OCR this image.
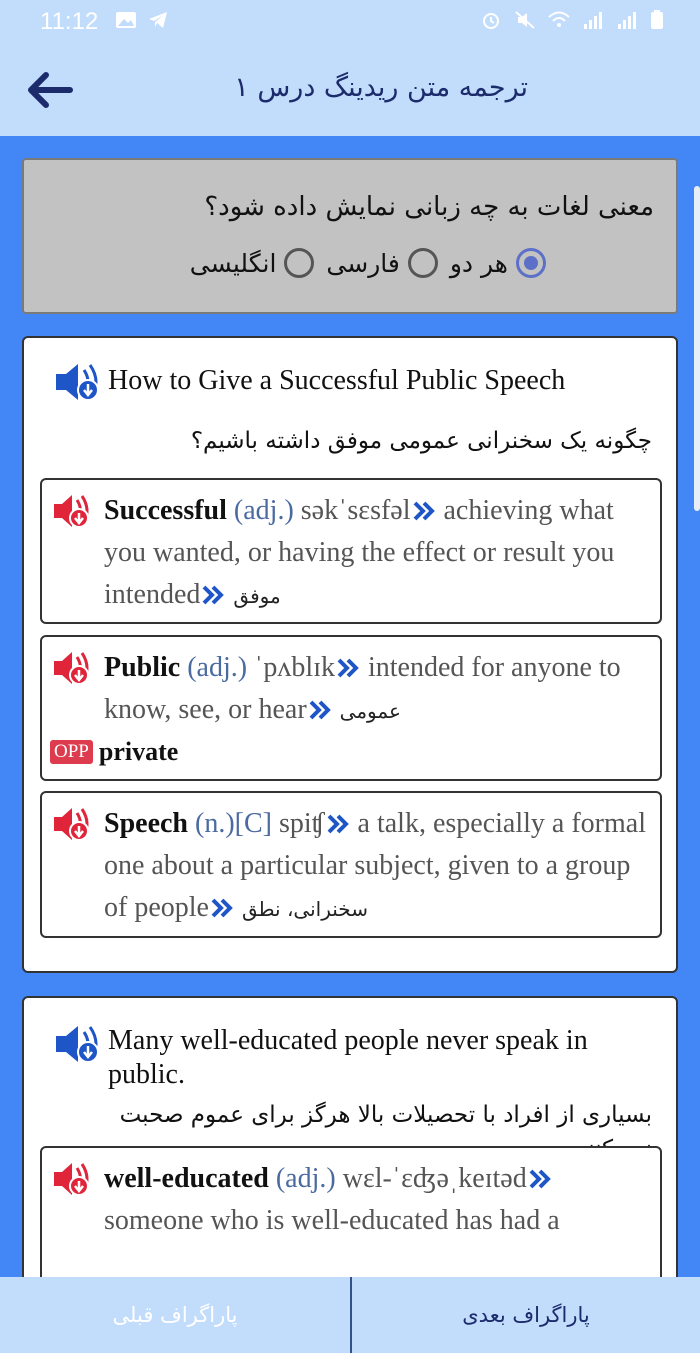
11:12
ترجمه متن ریدینگ درس ۱
معنی لغات به چه زبانی نمایش داده شود؟
انگلیسی فارسی هر دو
How to Give a Successful Public Speech
چگونه یک سخنرانی عمومی موفق داشته باشیم؟
Successful (adj.) səkˈsɛsfəl achieving what you wanted, or having the effect or result you intended موفق
Public (adj.) ˈpʌblɪk intended for anyone to know, see, or hear عمومی
OPP private
Speech (n.)[C] spiʧ a talk, especially a formal one about a particular subject, given to a group of people سخنرانی، نطق
Many well-educated people never speak in public.
بسیاری از افراد با تحصیلات بالا هرگز برای عموم صحبت
well-educated (adj.) wɛl-ˈɛʤəˌkeɪtəd someone who is well-educated has had a
پاراگراف قبلی	پاراگراف بعدی
